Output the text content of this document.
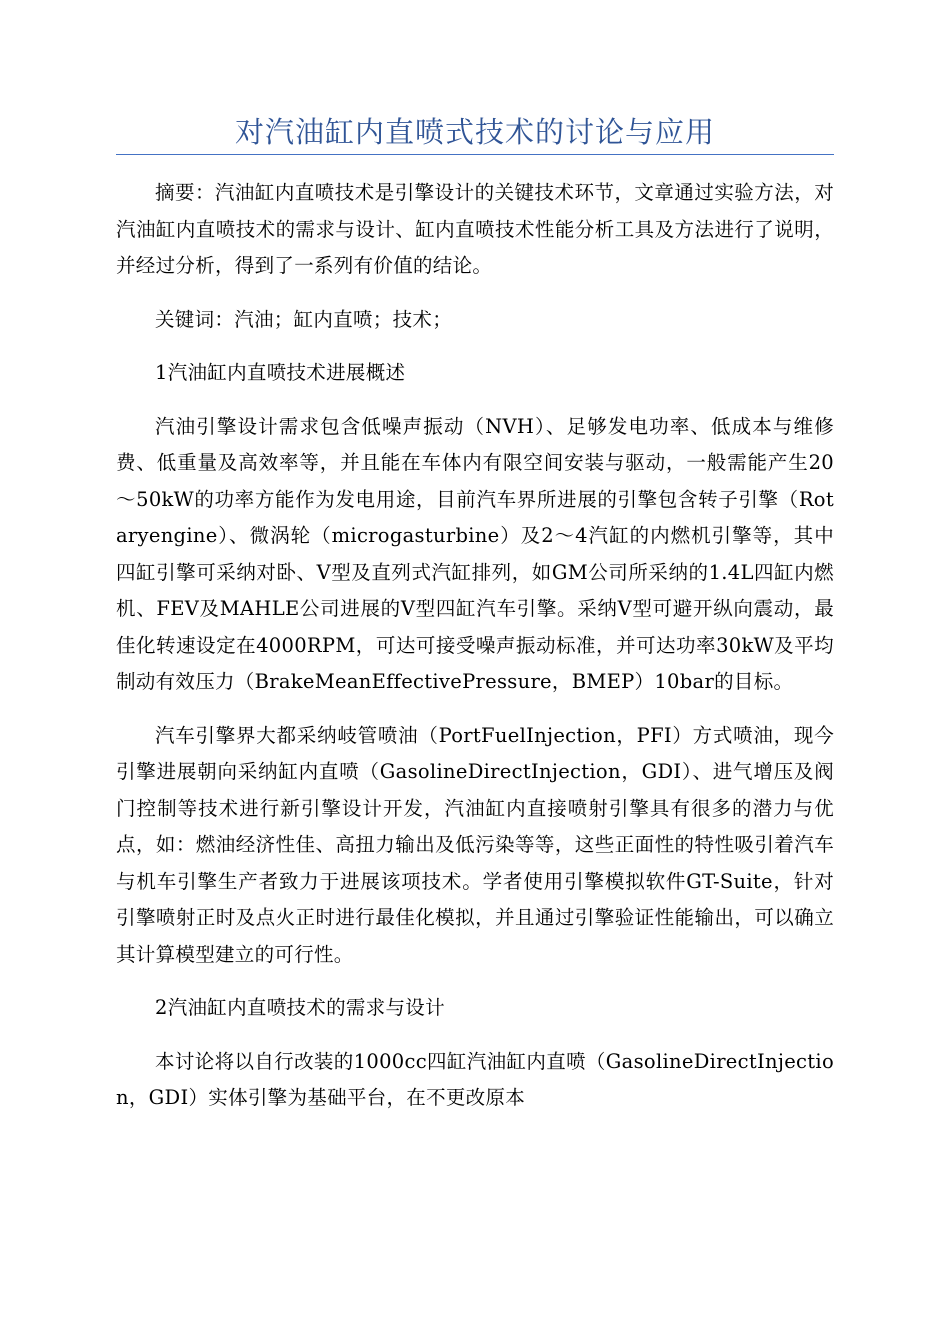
对汽油缸内直喷式技术的讨论与应用

摘要：汽油缸内直喷技术是引擎设计的关键技术环节，文章通过实验方法，对汽油缸内直喷技术的需求与设计、缸内直喷技术性能分析工具及方法进行了说明，并经过分析，得到了一系列有价值的结论。

关键词：汽油；缸内直喷；技术；

1汽油缸内直喷技术进展概述

汽油引擎设计需求包含低噪声振动（NVH）、足够发电功率、低成本与维修费、低重量及高效率等，并且能在车体内有限空间安装与驱动，一般需能产生20～50kW的功率方能作为发电用途，目前汽车界所进展的引擎包含转子引擎（Rotaryengine）、微涡轮（microgasturbine）及2～4汽缸的内燃机引擎等，其中四缸引擎可采纳对卧、V型及直列式汽缸排列，如GM公司所采纳的1.4L四缸内燃机、FEV及MAHLE公司进展的V型四缸汽车引擎。采纳V型可避开纵向震动，最佳化转速设定在4000RPM，可达可接受噪声振动标准，并可达功率30kW及平均制动有效压力（BrakeMeanEffectivePressure，BMEP）10bar的目标。

汽车引擎界大都采纳岐管喷油（PortFuelInjection，PFI）方式喷油，现今引擎进展朝向采纳缸内直喷（GasolineDirectInjection，GDI）、进气增压及阀门控制等技术进行新引擎设计开发，汽油缸内直接喷射引擎具有很多的潜力与优点，如：燃油经济性佳、高扭力输出及低污染等等，这些正面性的特性吸引着汽车与机车引擎生产者致力于进展该项技术。学者使用引擎模拟软件GT-Suite，针对引擎喷射正时及点火正时进行最佳化模拟，并且通过引擎验证性能输出，可以确立其计算模型建立的可行性。

2汽油缸内直喷技术的需求与设计

本讨论将以自行改装的1000cc四缸汽油缸内直喷（GasolineDirectInjection，GDI）实体引擎为基础平台，在不更改原本
